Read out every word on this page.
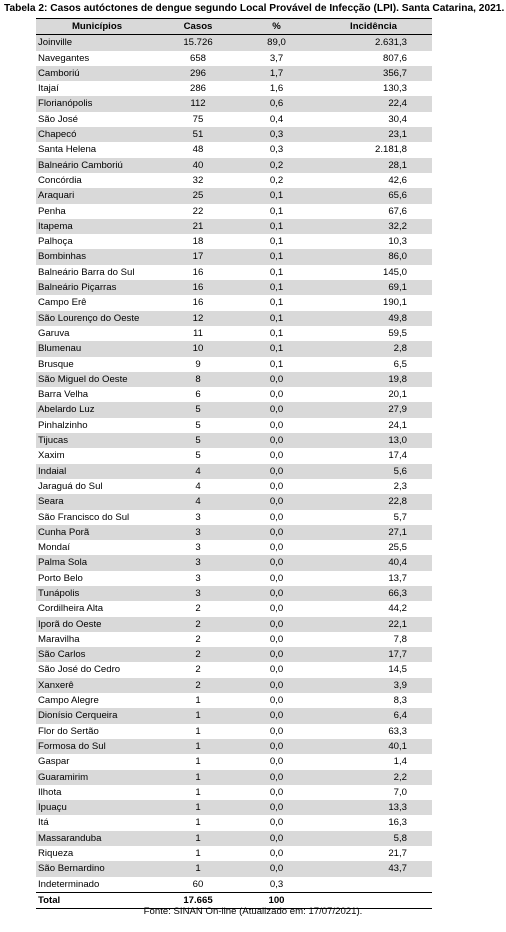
Tabela 2: Casos autóctones de dengue segundo Local Provável de Infecção (LPI). Santa Catarina, 2021.
Municípios	Casos	%	Incidência
Joinville	15.726	89,0	2.631,3
Navegantes	658	3,7	807,6
Camboriú	296	1,7	356,7
Itajaí	286	1,6	130,3
Florianópolis	112	0,6	22,4
São José	75	0,4	30,4
Chapecó	51	0,3	23,1
Santa Helena	48	0,3	2.181,8
Balneário Camboriú	40	0,2	28,1
Concórdia	32	0,2	42,6
Araquari	25	0,1	65,6
Penha	22	0,1	67,6
Itapema	21	0,1	32,2
Palhoça	18	0,1	10,3
Bombinhas	17	0,1	86,0
Balneário Barra do Sul	16	0,1	145,0
Balneário Piçarras	16	0,1	69,1
Campo Erê	16	0,1	190,1
São Lourenço do Oeste	12	0,1	49,8
Garuva	11	0,1	59,5
Blumenau	10	0,1	2,8
Brusque	9	0,1	6,5
São Miguel do Oeste	8	0,0	19,8
Barra Velha	6	0,0	20,1
Abelardo Luz	5	0,0	27,9
Pinhalzinho	5	0,0	24,1
Tijucas	5	0,0	13,0
Xaxim	5	0,0	17,4
Indaial	4	0,0	5,6
Jaraguá do Sul	4	0,0	2,3
Seara	4	0,0	22,8
São Francisco do Sul	3	0,0	5,7
Cunha Porã	3	0,0	27,1
Mondaí	3	0,0	25,5
Palma Sola	3	0,0	40,4
Porto Belo	3	0,0	13,7
Tunápolis	3	0,0	66,3
Cordilheira Alta	2	0,0	44,2
Iporã do Oeste	2	0,0	22,1
Maravilha	2	0,0	7,8
São Carlos	2	0,0	17,7
São José do Cedro	2	0,0	14,5
Xanxerê	2	0,0	3,9
Campo Alegre	1	0,0	8,3
Dionísio Cerqueira	1	0,0	6,4
Flor do Sertão	1	0,0	63,3
Formosa do Sul	1	0,0	40,1
Gaspar	1	0,0	1,4
Guaramirim	1	0,0	2,2
Ilhota	1	0,0	7,0
Ipuaçu	1	0,0	13,3
Itá	1	0,0	16,3
Massaranduba	1	0,0	5,8
Riqueza	1	0,0	21,7
São Bernardino	1	0,0	43,7
Indeterminado	60	0,3	
Total	17.665	100	
Fonte: SINAN On-line (Atualizado em: 17/07/2021).
